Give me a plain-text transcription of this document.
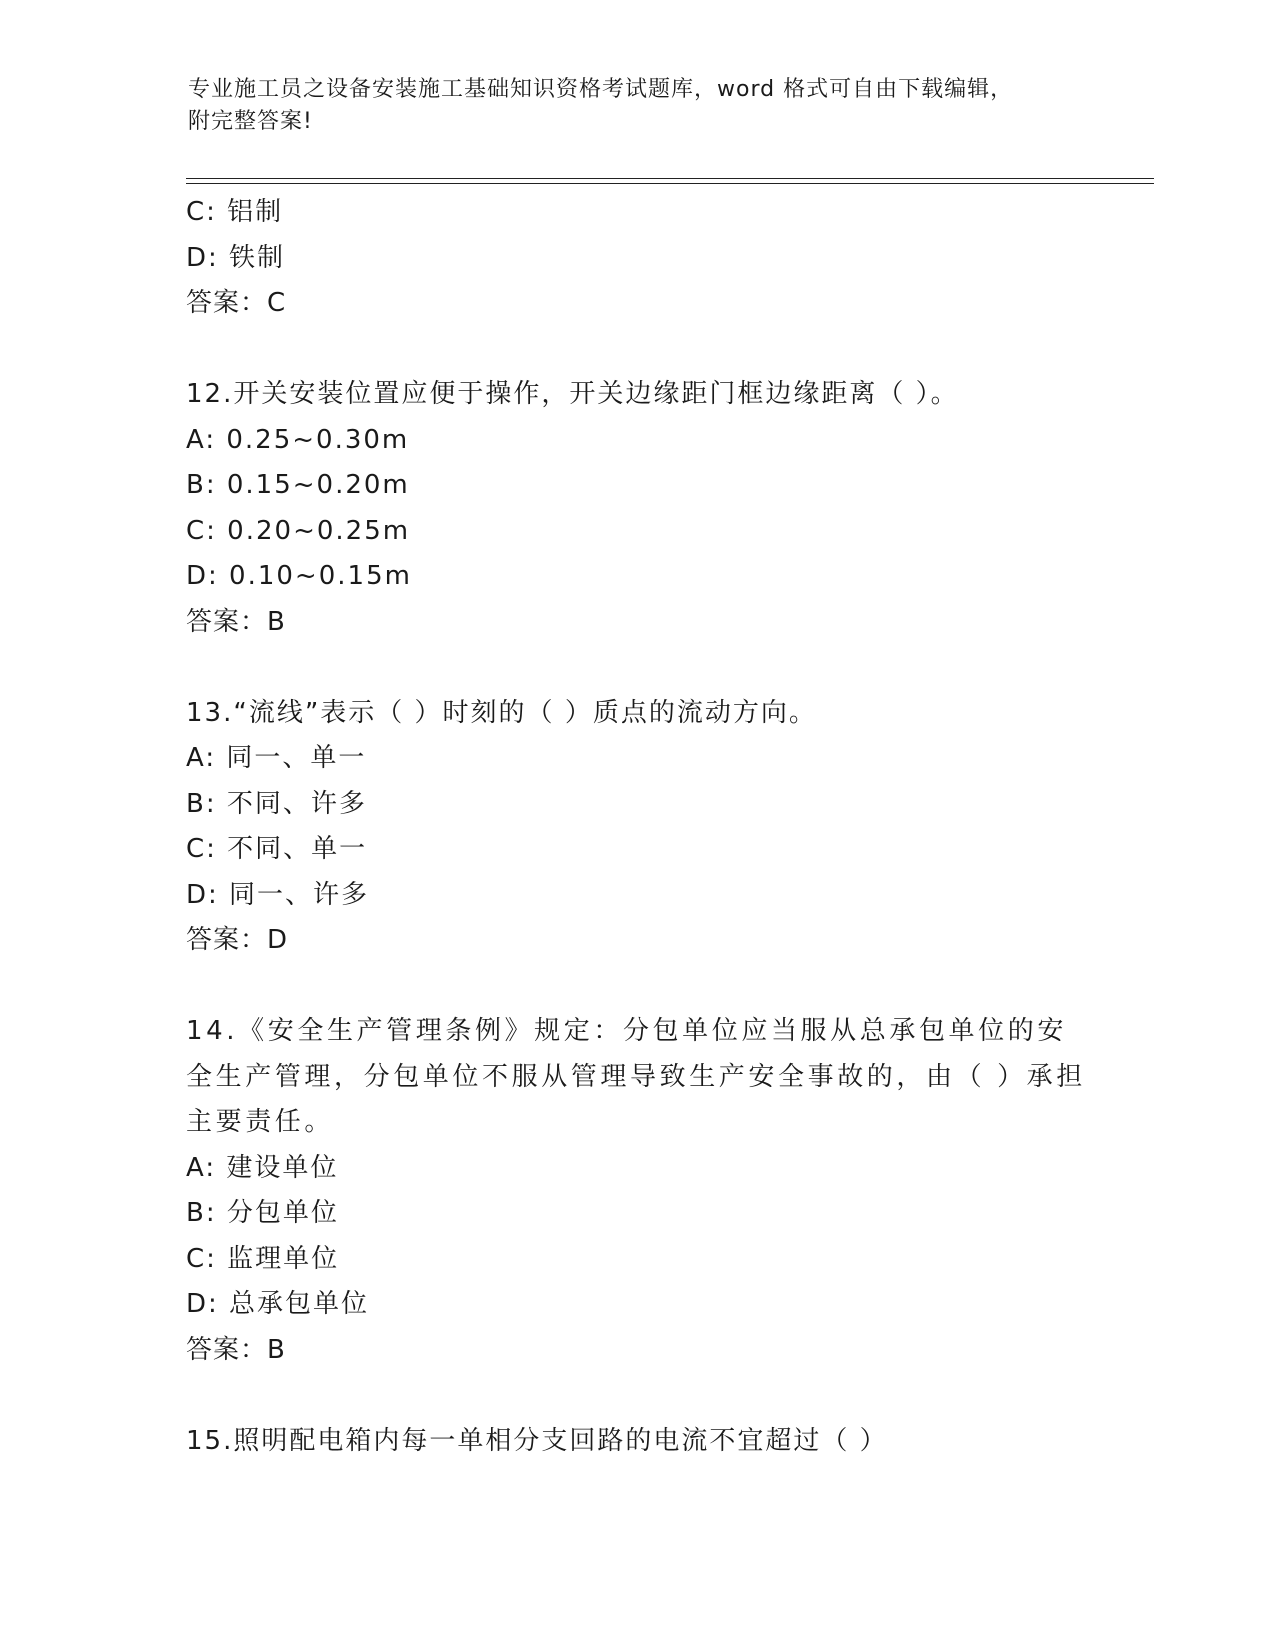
专业施工员之设备安装施工基础知识资格考试题库，word 格式可自由下载编辑，
附完整答案!
C: 铝制
D: 铁制
答案：C
12.开关安装位置应便于操作，开关边缘距门框边缘距离（ ）。
A: 0.25~0.30m
B: 0.15~0.20m
C: 0.20~0.25m
D: 0.10~0.15m
答案：B
13.“流线”表示（ ）时刻的（ ）质点的流动方向。
A: 同一、单一
B: 不同、许多
C: 不同、单一
D: 同一、许多
答案：D
14.《安全生产管理条例》规定：分包单位应当服从总承包单位的安全生产管理，分包单位不服从管理导致生产安全事故的，由（ ）承担主要责任。
A: 建设单位
B: 分包单位
C: 监理单位
D: 总承包单位
答案：B
15.照明配电箱内每一单相分支回路的电流不宜超过（ ）
